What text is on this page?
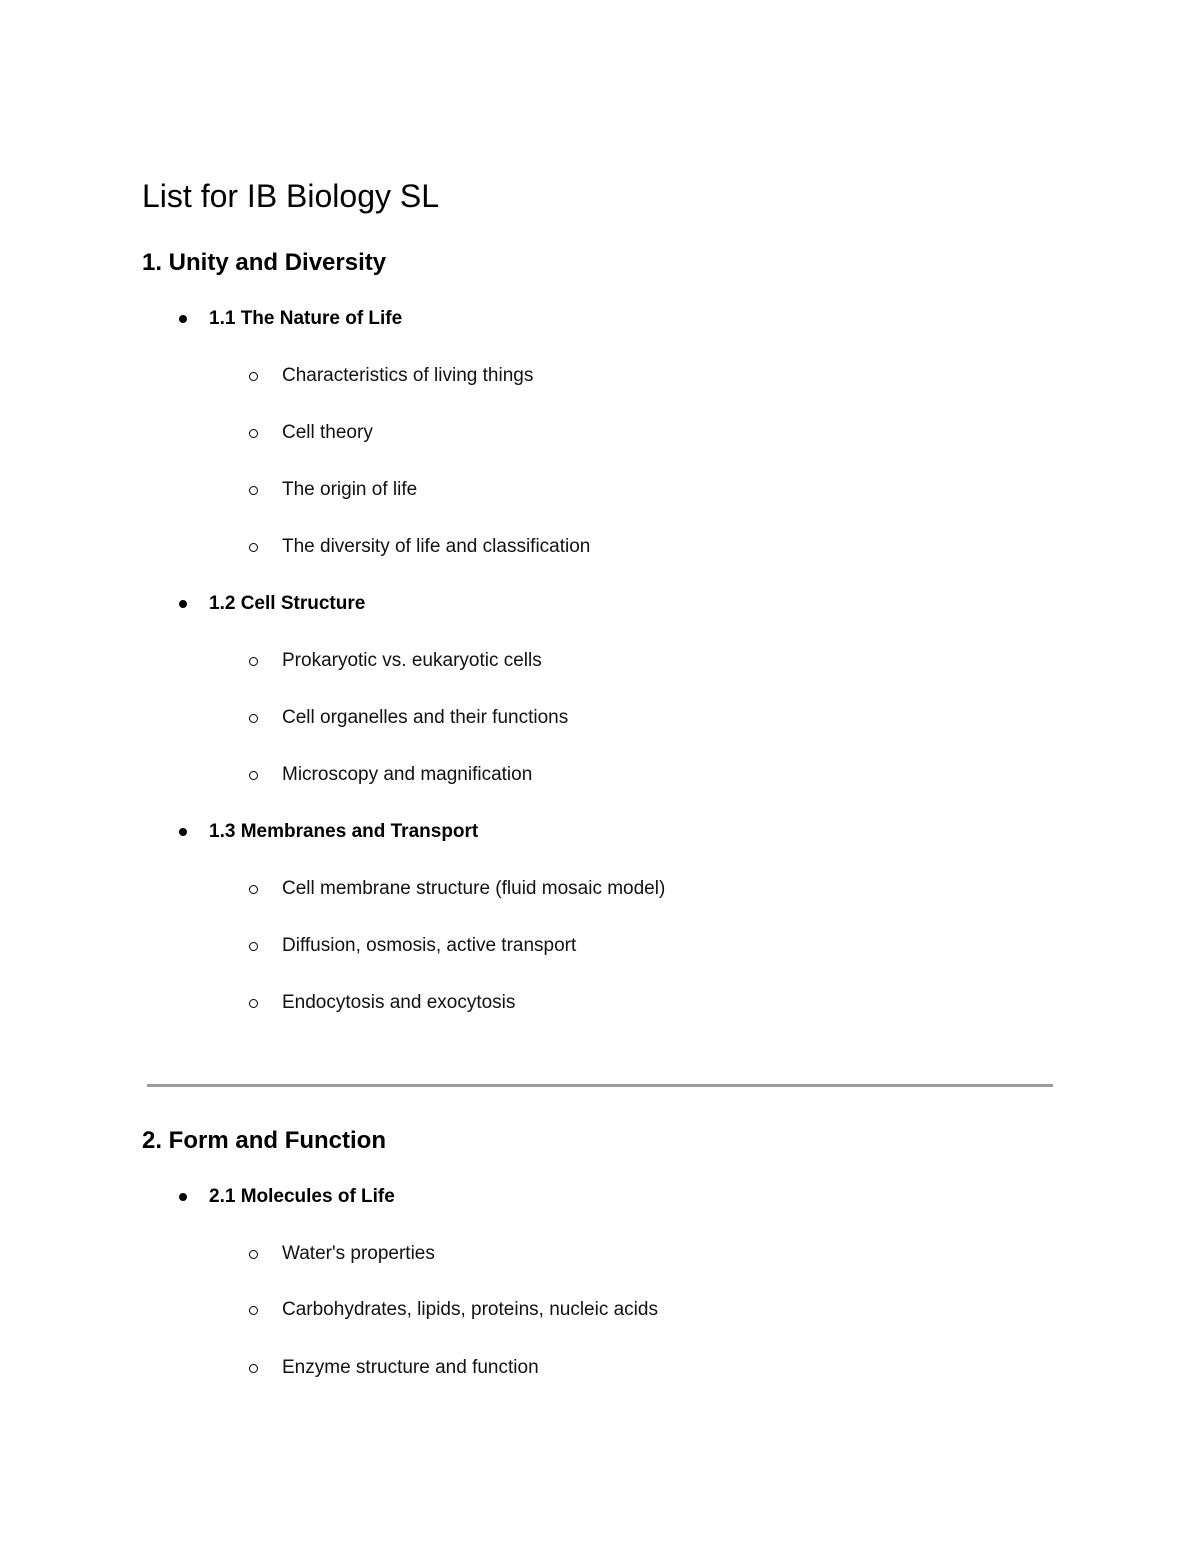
List for IB Biology SL
1. Unity and Diversity
1.1 The Nature of Life
Characteristics of living things
Cell theory
The origin of life
The diversity of life and classification
1.2 Cell Structure
Prokaryotic vs. eukaryotic cells
Cell organelles and their functions
Microscopy and magnification
1.3 Membranes and Transport
Cell membrane structure (fluid mosaic model)
Diffusion, osmosis, active transport
Endocytosis and exocytosis
2. Form and Function
2.1 Molecules of Life
Water's properties
Carbohydrates, lipids, proteins, nucleic acids
Enzyme structure and function
